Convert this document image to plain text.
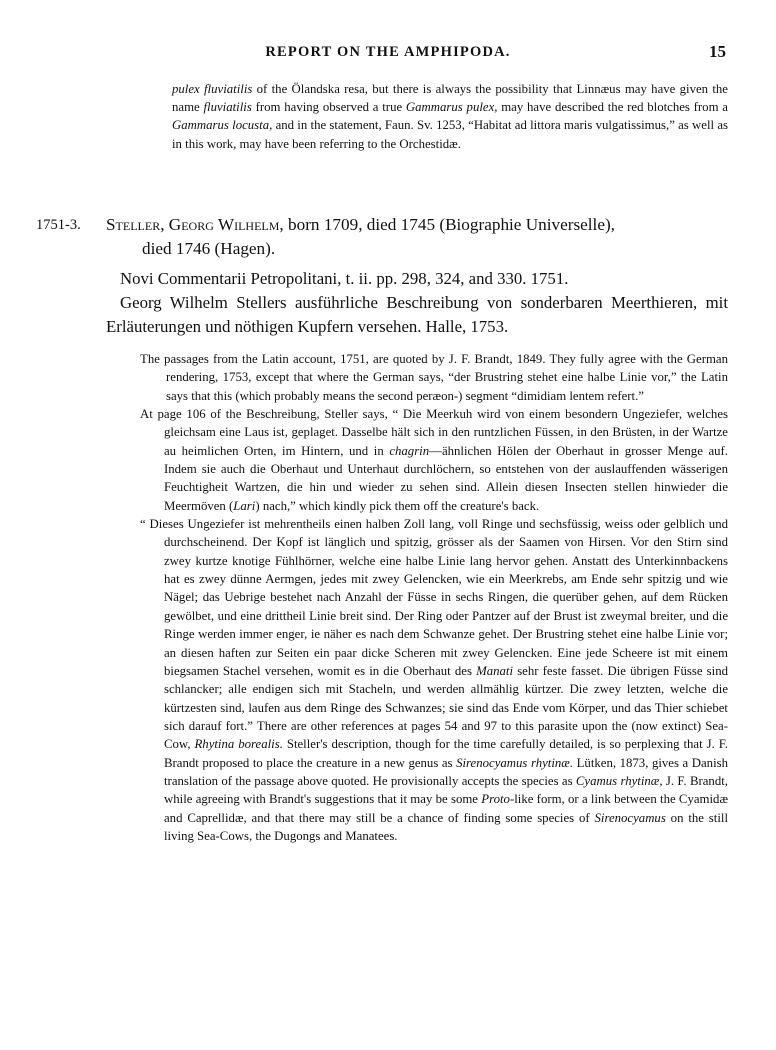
REPORT ON THE AMPHIPODA.	15
pulex fluviatilis of the Ölandska resa, but there is always the possibility that Linnæus may have given the name fluviatilis from having observed a true Gammarus pulex, may have described the red blotches from a Gammarus locusta, and in the statement, Faun. Sv. 1253, “Habitat ad littora maris vulgatissimus,” as well as in this work, may have been referring to the Orchestidæ.
1751-3. Steller, Georg Wilhelm, born 1709, died 1745 (Biographie Universelle),
died 1746 (Hagen).

Novi Commentarii Petropolitani, t. ii. pp. 298, 324, and 330. 1751.

Georg Wilhelm Stellers ausführliche Beschreibung von sonderbaren Meerthieren, mit Erläuterungen und nöthigen Kupfern versehen. Halle, 1753.

The passages from the Latin account, 1751, are quoted by J. F. Brandt, 1849. They fully agree with the German rendering, 1753, except that where the German says, “der Brustring stehet eine halbe Linie vor,” the Latin says that this (which probably means the second peræon-) segment “dimidiam lentem refert.”

At page 106 of the Beschreibung, Steller says, “ Die Meerkuh wird von einem besondern Ungeziefer, welches gleichsam eine Laus ist, geplaget. Dasselbe hält sich in den runtzlichen Füssen, in den Brüsten, in der Wartze au heimlichen Orten, im Hintern, und in chagrin—ähnlichen Hölen der Oberhaut in grosser Menge auf. Indem sie auch die Oberhaut und Unterhaut durchlöchern, so entstehen von der auslauffenden wässerigen Feuchtigheit Wartzen, die hin und wieder zu sehen sind. Allein diesen Insecten stellen hinwieder die Meermöven (Lari) nach,” which kindly pick them off the creature's back.

“ Dieses Ungeziefer ist mehrentheils einen halben Zoll lang, voll Ringe und sechsfüssig, weiss oder gelblich und durchscheinend. Der Kopf ist länglich und spitzig, grösser als der Saamen von Hirsen. Vor den Stirn sind zwey kurtze knotige Fühlhörner, welche eine halbe Linie lang hervor gehen. Anstatt des Unterkinnbackens hat es zwey dünne Aermgen, jedes mit zwey Gelencken, wie ein Meerkrebs, am Ende sehr spitzig und wie Nägel; das Uebrige bestehet nach Anzahl der Füsse in sechs Ringen, die querüber gehen, auf dem Rücken gewölbet, und eine drittheil Linie breit sind. Der Ring oder Pantzer auf der Brust ist zweymal breiter, und die Ringe werden immer enger, ie näher es nach dem Schwanze gehet. Der Brustring stehet eine halbe Linie vor; an diesen haften zur Seiten ein paar dicke Scheren mit zwey Gelencken. Eine jede Scheere ist mit einem biegsamen Stachel versehen, womit es in die Oberhaut des Manati sehr feste fasset. Die übrigen Füsse sind schlancker; alle endigen sich mit Stacheln, und werden allmählig kürtzer. Die zwey letzten, welche die kürtzesten sind, laufen aus dem Ringe des Schwanzes; sie sind das Ende vom Körper, und das Thier schiebet sich darauf fort.” There are other references at pages 54 and 97 to this parasite upon the (now extinct) Sea-Cow, Rhytina borealis. Steller's description, though for the time carefully detailed, is so perplexing that J. F. Brandt proposed to place the creature in a new genus as Sirenocyamus rhytinæ. Lütken, 1873, gives a Danish translation of the passage above quoted. He provisionally accepts the species as Cyamus rhytinæ, J. F. Brandt, while agreeing with Brandt's suggestions that it may be some Proto-like form, or a link between the Cyamidæ and Caprellidæ, and that there may still be a chance of finding some species of Sirenocyamus on the still living Sea-Cows, the Dugongs and Manatees.
